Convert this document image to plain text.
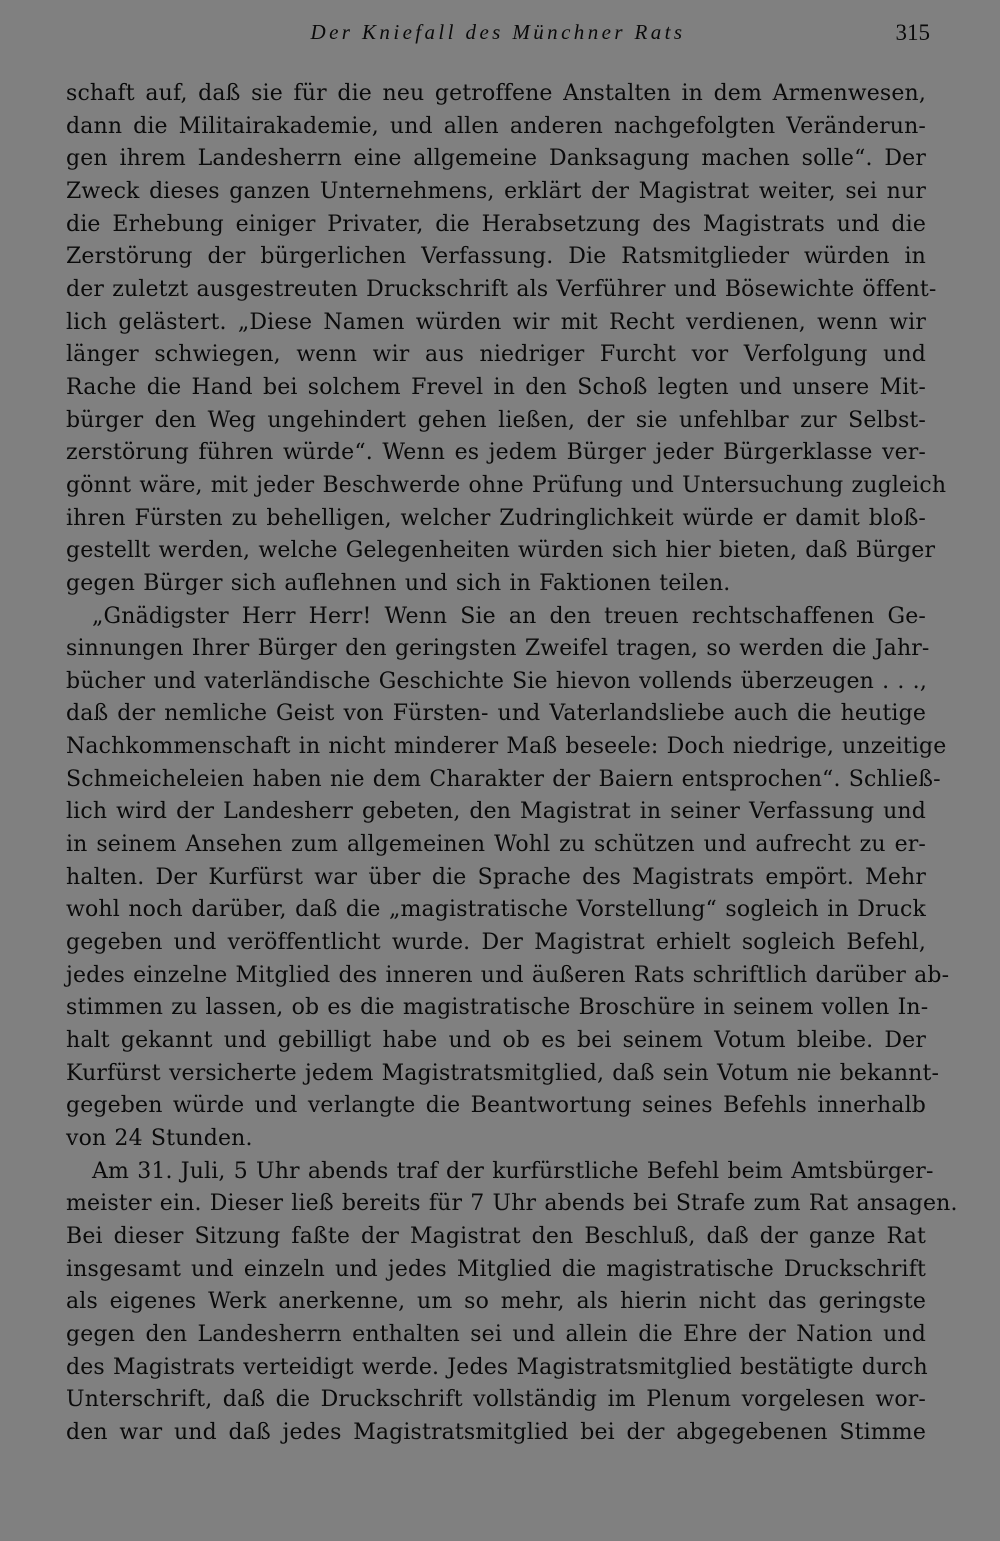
Der Kniefall des Münchner Rats	315
schaft auf, daß sie für die neu getroffene Anstalten in dem Armenwesen,
dann die Militairakademie, und allen anderen nachgefolgten Veränderun-
gen ihrem Landesherrn eine allgemeine Danksagung machen solle“. Der
Zweck dieses ganzen Unternehmens, erklärt der Magistrat weiter, sei nur
die Erhebung einiger Privater, die Herabsetzung des Magistrats und die
Zerstörung der bürgerlichen Verfassung. Die Ratsmitglieder würden in
der zuletzt ausgestreuten Druckschrift als Verführer und Bösewichte öffent-
lich gelästert. „Diese Namen würden wir mit Recht verdienen, wenn wir
länger schwiegen, wenn wir aus niedriger Furcht vor Verfolgung und
Rache die Hand bei solchem Frevel in den Schoß legten und unsere Mit-
bürger den Weg ungehindert gehen ließen, der sie unfehlbar zur Selbst-
zerstörung führen würde“. Wenn es jedem Bürger jeder Bürgerklasse ver-
gönnt wäre, mit jeder Beschwerde ohne Prüfung und Untersuchung zugleich
ihren Fürsten zu behelligen, welcher Zudringlichkeit würde er damit bloß-
gestellt werden, welche Gelegenheiten würden sich hier bieten, daß Bürger
gegen Bürger sich auflehnen und sich in Faktionen teilen.
„Gnädigster Herr Herr! Wenn Sie an den treuen rechtschaffenen Ge-
sinnungen Ihrer Bürger den geringsten Zweifel tragen, so werden die Jahr-
bücher und vaterländische Geschichte Sie hievon vollends überzeugen . . .,
daß der nemliche Geist von Fürsten- und Vaterlandsliebe auch die heutige
Nachkommenschaft in nicht minderer Maß beseele: Doch niedrige, unzeitige
Schmeicheleien haben nie dem Charakter der Baiern entsprochen“. Schließ-
lich wird der Landesherr gebeten, den Magistrat in seiner Verfassung und
in seinem Ansehen zum allgemeinen Wohl zu schützen und aufrecht zu er-
halten. Der Kurfürst war über die Sprache des Magistrats empört. Mehr
wohl noch darüber, daß die „magistratische Vorstellung“ sogleich in Druck
gegeben und veröffentlicht wurde. Der Magistrat erhielt sogleich Befehl,
jedes einzelne Mitglied des inneren und äußeren Rats schriftlich darüber ab-
stimmen zu lassen, ob es die magistratische Broschüre in seinem vollen In-
halt gekannt und gebilligt habe und ob es bei seinem Votum bleibe. Der
Kurfürst versicherte jedem Magistratsmitglied, daß sein Votum nie bekannt-
gegeben würde und verlangte die Beantwortung seines Befehls innerhalb
von 24 Stunden.
Am 31. Juli, 5 Uhr abends traf der kurfürstliche Befehl beim Amtsbürger-
meister ein. Dieser ließ bereits für 7 Uhr abends bei Strafe zum Rat ansagen.
Bei dieser Sitzung faßte der Magistrat den Beschluß, daß der ganze Rat
insgesamt und einzeln und jedes Mitglied die magistratische Druckschrift
als eigenes Werk anerkenne, um so mehr, als hierin nicht das geringste
gegen den Landesherrn enthalten sei und allein die Ehre der Nation und
des Magistrats verteidigt werde. Jedes Magistratsmitglied bestätigte durch
Unterschrift, daß die Druckschrift vollständig im Plenum vorgelesen wor-
den war und daß jedes Magistratsmitglied bei der abgegebenen Stimme
